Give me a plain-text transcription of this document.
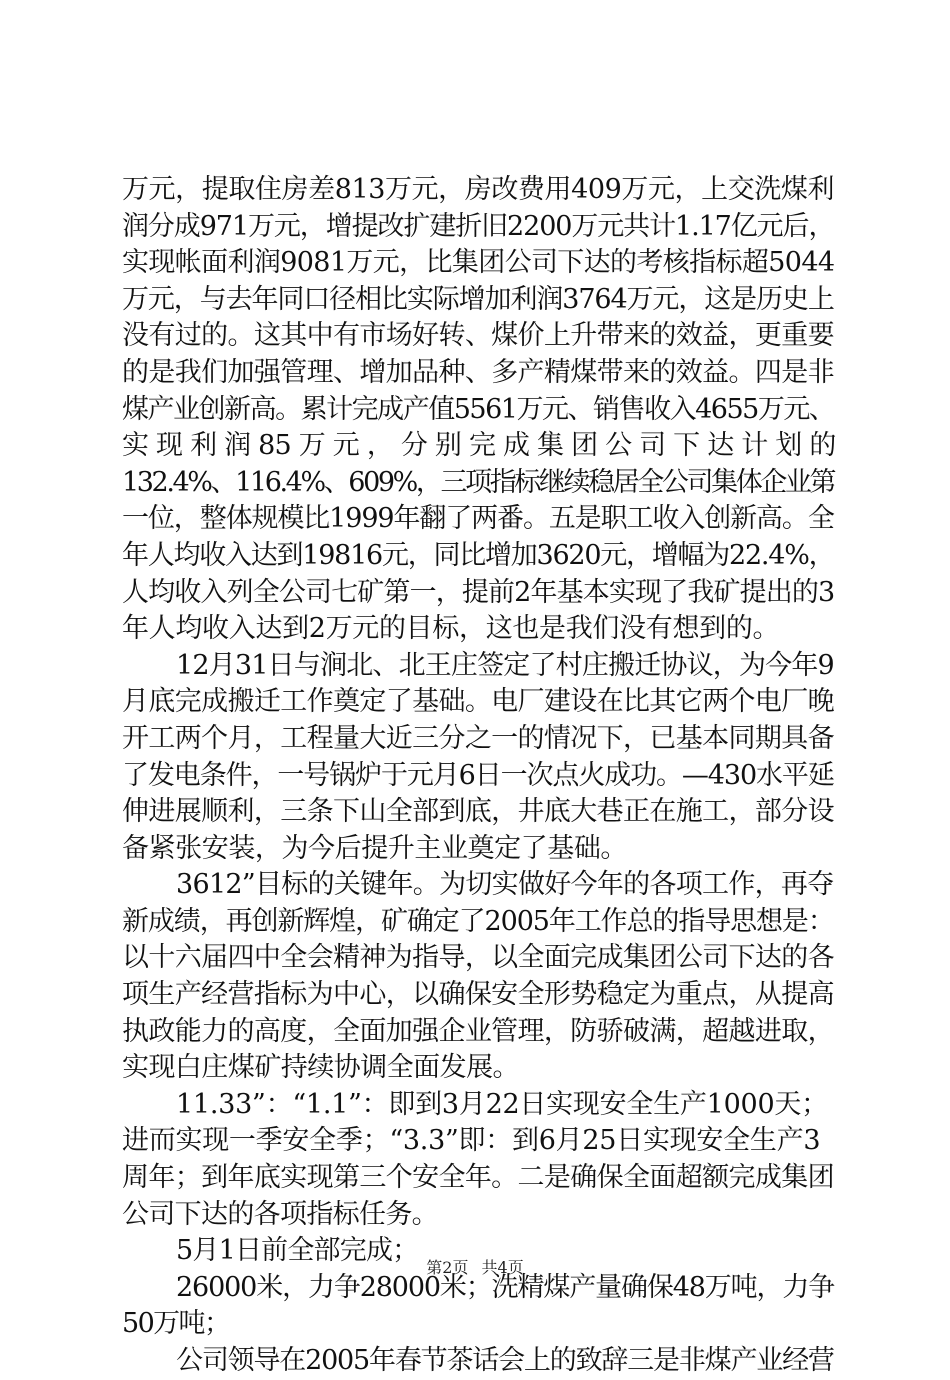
万元，提取住房差813万元，房改费用409万元，上交洗煤利
润分成971万元，增提改扩建折旧2200万元共计1.17亿元后，
实现帐面利润9081万元，比集团公司下达的考核指标超5044
万元，与去年同口径相比实际增加利润3764万元，这是历史上
没有过的。这其中有市场好转、煤价上升带来的效益，更重要
的是我们加强管理、增加品种、多产精煤带来的效益。四是非
煤产业创新高。累计完成产值5561万元、销售收入4655万元、
实 现 利 润 85 万 元 ， 分 别 完 成 集 团 公 司 下 达 计 划 的
132.4%、116.4%、609%，三项指标继续稳居全公司集体企业第
一位，整体规模比1999年翻了两番。五是职工收入创新高。全
年人均收入达到19816元，同比增加3620元，增幅为22.4%，
人均收入列全公司七矿第一，提前2年基本实现了我矿提出的3
年人均收入达到2万元的目标，这也是我们没有想到的。
12月31日与涧北、北王庄签定了村庄搬迁协议，为今年9
月底完成搬迁工作奠定了基础。电厂建设在比其它两个电厂晚
开工两个月，工程量大近三分之一的情况下，已基本同期具备
了发电条件，一号锅炉于元月6日一次点火成功。—430水平延
伸进展顺利，三条下山全部到底，井底大巷正在施工，部分设
备紧张安装，为今后提升主业奠定了基础。
3612”目标的关键年。为切实做好今年的各项工作，再夺
新成绩，再创新辉煌，矿确定了2005年工作总的指导思想是：
以十六届四中全会精神为指导，以全面完成集团公司下达的各
项生产经营指标为中心，以确保安全形势稳定为重点，从提高
执政能力的高度，全面加强企业管理，防骄破满，超越进取，
实现白庄煤矿持续协调全面发展。
11.33”：“1.1”：即到3月22日实现安全生产1000天；
进而实现一季安全季；“3.3”即：到6月25日实现安全生产3
周年；到年底实现第三个安全年。二是确保全面超额完成集团
公司下达的各项指标任务。
5月1日前全部完成；
26000米，力争28000米；洗精煤产量确保48万吨，力争
50万吨；
公司领导在2005年春节茶话会上的致辞三是非煤产业经营
第2页 共4页
